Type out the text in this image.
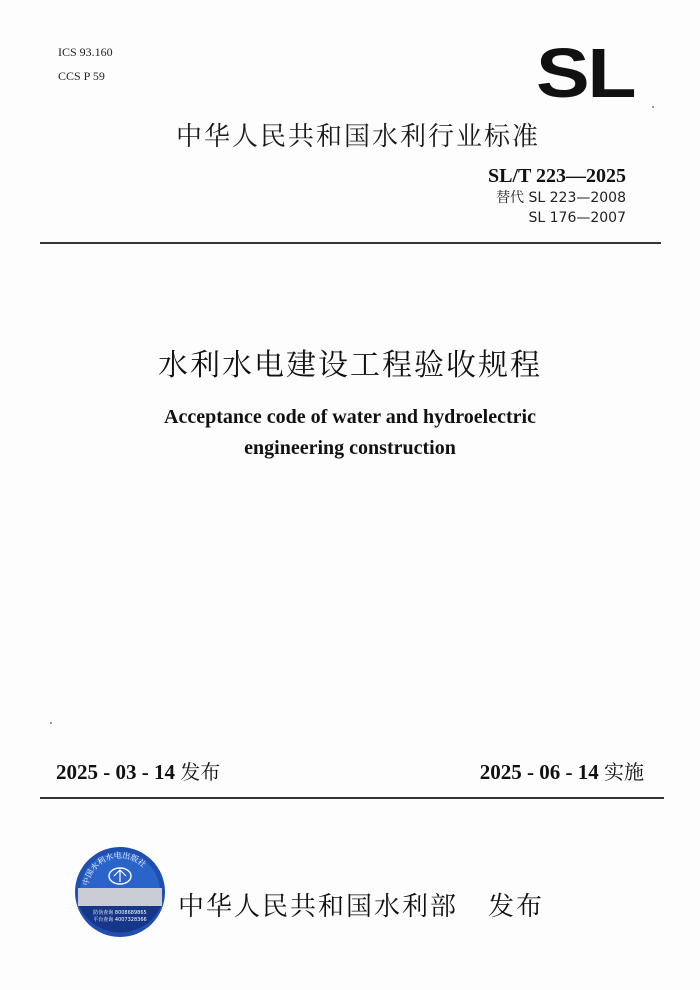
ICS 93.160
CCS P 59	SL
中华人民共和国水利行业标准
SL/T 223—2025
替代 SL 223—2008
SL 176—2007
水利水电建设工程验收规程
Acceptance code of water and hydroelectric
engineering construction
2025 - 03 - 14 发布	2025 - 06 - 14 实施
中国水利水电出版社
防伪查询 8008689865
平台查询 4007328366 中华人民共和国水利部 发布
